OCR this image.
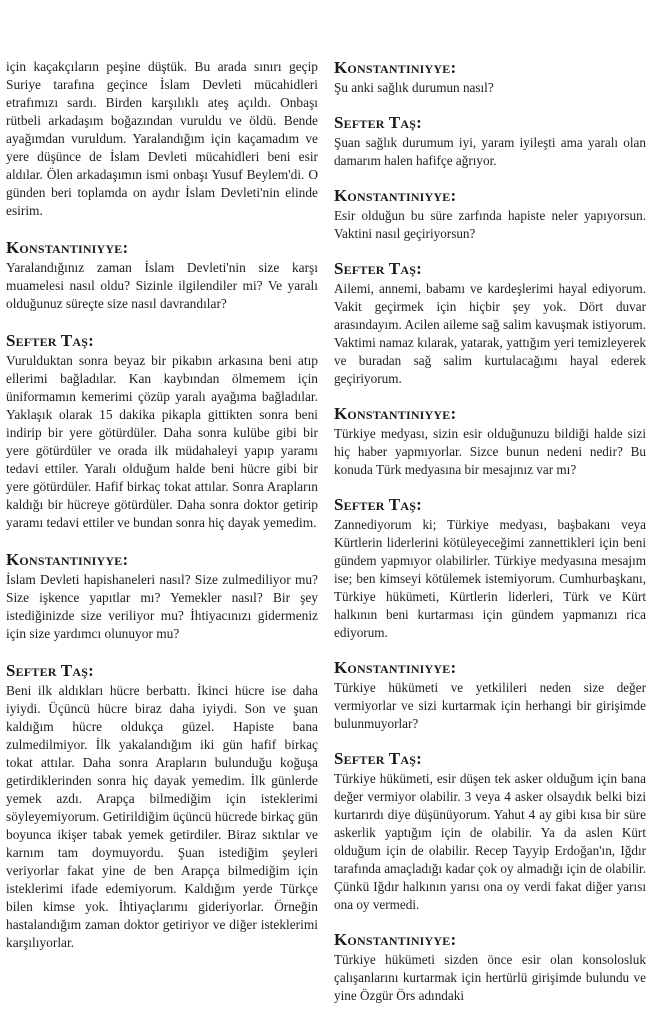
için kaçakçıların peşine düştük. Bu arada sınırı geçip Suriye tarafına geçince İslam Devleti mücahidleri etrafımızı sardı. Birden karşılıklı ateş açıldı. Onbaşı rütbeli arkadaşım boğazından vuruldu ve öldü. Bende ayağımdan vuruldum. Yaralandığım için kaçamadım ve yere düşünce de İslam Devleti mücahidleri beni esir aldılar. Ölen arkadaşımın ismi onbaşı Yusuf Beylem'di. O günden beri toplamda on aydır İslam Devleti'nin elinde esirim.

Konstantiniyye:

Yaralandığınız zaman İslam Devleti'nin size karşı muamelesi nasıl oldu? Sizinle ilgilendiler mi? Ve yaralı olduğunuz süreçte size nasıl davrandılar?

Sefter Taş:

Vurulduktan sonra beyaz bir pikabın arkasına beni atıp ellerimi bağladılar. Kan kaybından ölmemem için üniformamın kemerimi çözüp yaralı ayağıma bağladılar. Yaklaşık olarak 15 dakika pikapla gittikten sonra beni indirip bir yere götürdüler. Daha sonra kulübe gibi bir yere götürdüler ve orada ilk müdahaleyi yapıp yaramı tedavi ettiler. Yaralı olduğum halde beni hücre gibi bir yere götürdüler. Hafif birkaç tokat attılar. Sonra Arapların kaldığı bir hücreye götürdüler. Daha sonra doktor getirip yaramı tedavi ettiler ve bundan sonra hiç dayak yemedim.

Konstantiniyye:

İslam Devleti hapishaneleri nasıl? Size zulmediliyor mu? Size işkence yapıtlar mı? Yemekler nasıl? Bir şey istediğinizde size veriliyor mu? İhtiyacınızı gidermeniz için size yardımcı olunuyor mu?

Sefter Taş:

Beni ilk aldıkları hücre berbattı. İkinci hücre ise daha iyiydi. Üçüncü hücre biraz daha iyiydi. Son ve şuan kaldığım hücre oldukça güzel. Hapiste bana zulmedilmiyor. İlk yakalandığım iki gün hafif birkaç tokat attılar. Daha sonra Arapların bulunduğu koğuşa getirdiklerinden sonra hiç dayak yemedim. İlk günlerde yemek azdı. Arapça bilmediğim için isteklerimi söyleyemiyorum. Getirildiğim üçüncü hücrede birkaç gün boyunca ikişer tabak yemek getirdiler. Biraz sıktılar ve karnım tam doymuyordu. Şuan istediğim şeyleri veriyorlar fakat yine de ben Arapça bilmediğim için isteklerimi ifade edemiyorum. Kaldığım yerde Türkçe bilen kimse yok. İhtiyaçlarımı gideriyorlar. Örneğin hastalandığım zaman doktor getiriyor ve diğer isteklerimi karşılıyorlar.

Konstantiniyye:

Şu anki sağlık durumun nasıl?

Sefter Taş:

Şuan sağlık durumum iyi, yaram iyileşti ama yaralı olan damarım halen hafifçe ağrıyor.

Konstantiniyye:

Esir olduğun bu süre zarfında hapiste neler yapıyorsun. Vaktini nasıl geçiriyorsun?

Sefter Taş:

Ailemi, annemi, babamı ve kardeşlerimi hayal ediyorum. Vakit geçirmek için hiçbir şey yok. Dört duvar arasındayım. Acilen aileme sağ salim kavuşmak istiyorum. Vaktimi namaz kılarak, yatarak, yattığım yeri temizleyerek ve buradan sağ salim kurtulacağımı hayal ederek geçiriyorum.

Konstantiniyye:

Türkiye medyası, sizin esir olduğunuzu bildiği halde sizi hiç haber yapmıyorlar. Sizce bunun nedeni nedir? Bu konuda Türk medyasına bir mesajınız var mı?

Sefter Taş:

Zannediyorum ki; Türkiye medyası, başbakanı veya Kürtlerin liderlerini kötüleyeceğimi zannettikleri için beni gündem yapmıyor olabilirler. Türkiye medyasına mesajım ise; ben kimseyi kötülemek istemiyorum. Cumhurbaşkanı, Türkiye hükümeti, Kürtlerin liderleri, Türk ve Kürt halkının beni kurtarması için gündem yapmanızı rica ediyorum.

Konstantiniyye:

Türkiye hükümeti ve yetkilileri neden size değer vermiyorlar ve sizi kurtarmak için herhangi bir girişimde bulunmuyorlar?

Sefter Taş:

Türkiye hükümeti, esir düşen tek asker olduğum için bana değer vermiyor olabilir. 3 veya 4 asker olsaydık belki bizi kurtarırdı diye düşünüyorum. Yahut 4 ay gibi kısa bir süre askerlik yaptığım için de olabilir. Ya da aslen Kürt olduğum için de olabilir. Recep Tayyip Erdoğan'ın, Iğdır tarafında amaçladığı kadar çok oy almadığı için de olabilir. Çünkü Iğdır halkının yarısı ona oy verdi fakat diğer yarısı ona oy vermedi.

Konstantiniyye:

Türkiye hükümeti sizden önce esir olan konsolosluk çalışanlarını kurtarmak için hertürlü girişimde bulundu ve yine Özgür Örs adındaki
